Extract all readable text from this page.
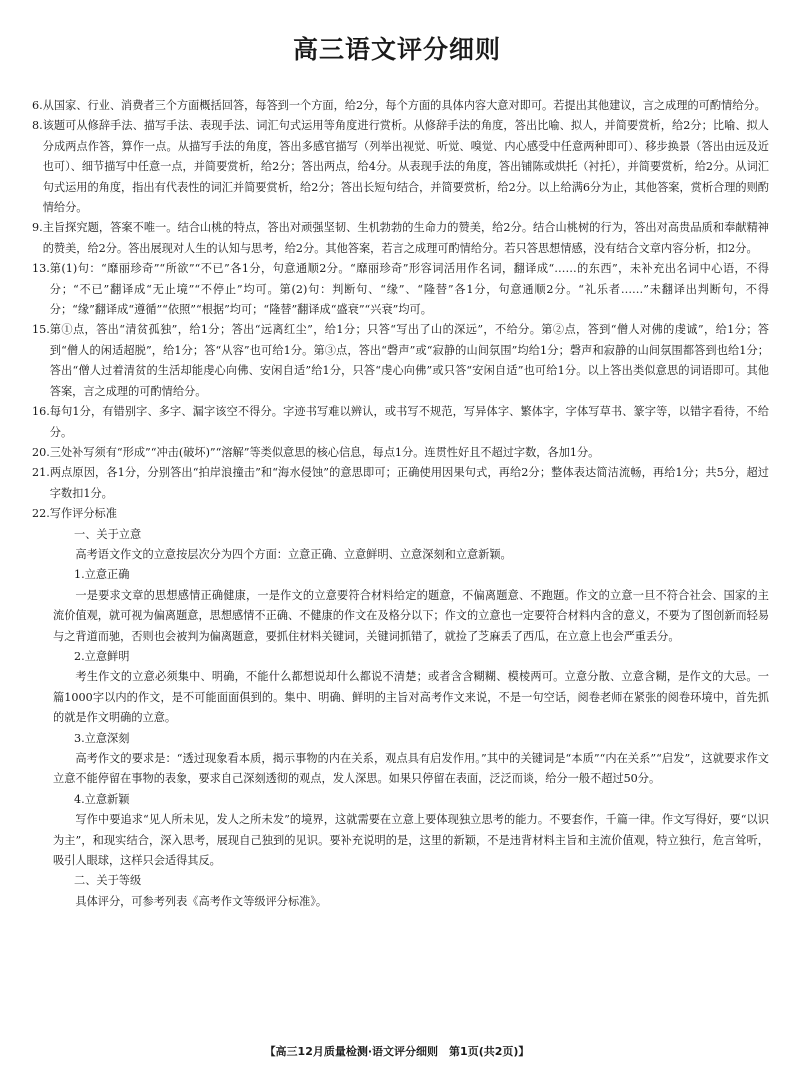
高三语文评分细则
6. 从国家、行业、消费者三个方面概括回答，每答到一个方面，给2分，每个方面的具体内容大意对即可。若提出其他建议，言之成理的可酌情给分。
8. 该题可从修辞手法、描写手法、表现手法、词汇句式运用等角度进行赏析。从修辞手法的角度，答出比喻、拟人，并简要赏析，给2分；比喻、拟人分成两点作答，算作一点。从描写手法的角度，答出多感官描写（列举出视觉、听觉、嗅觉、内心感受中任意两种即可）、移步换景（答出由远及近也可）、细节描写中任意一点，并简要赏析，给2分；答出两点，给4分。从表现手法的角度，答出铺陈或烘托（衬托），并简要赏析，给2分。从词汇句式运用的角度，指出有代表性的词汇并简要赏析，给2分；答出长短句结合，并简要赏析，给2分。以上给满6分为止，其他答案，赏析合理的则酌情给分。
9. 主旨探究题，答案不唯一。结合山桃的特点，答出对顽强坚韧、生机勃勃的生命力的赞美，给2分。结合山桃树的行为，答出对高贵品质和奉献精神的赞美，给2分。答出展现对人生的认知与思考，给2分。其他答案，若言之成理可酌情给分。若只答思想情感，没有结合文章内容分析，扣2分。
13. 第(1)句：“靡丽珍奇”“所欲”“不已”各1分，句意通顺2分。“靡丽珍奇”形容词活用作名词，翻译成“……的东西”，未补充出名词中心语，不得分；“不已”翻译成“无止境”“不停止”均可。第(2)句：判断句、“缘”、“隆替”各1分，句意通顺2分。“礼乐者……”未翻译出判断句，不得分；“缘”翻译成“遵循”“依照”“根据”均可；“隆替”翻译成“盛衰”“兴衰”均可。
15. 第①点，答出“清贫孤独”，给1分；答出“远离红尘”，给1分；只答“写出了山的深远”，不给分。第②点，答到“僧人对佛的虔诚”，给1分；答到“僧人的闲适超脱”，给1分；答“从容”也可给1分。第③点，答出“磬声”或“寂静的山间氛围”均给1分；磬声和寂静的山间氛围都答到也给1分；答出“僧人过着清贫的生活却能虔心向佛、安闲自适”给1分，只答“虔心向佛”或只答“安闲自适”也可给1分。以上答出类似意思的词语即可。其他答案，言之成理的可酌情给分。
16. 每句1分，有错别字、多字、漏字该空不得分。字迹书写难以辨认，或书写不规范，写异体字、繁体字，字体写草书、篆字等，以错字看待，不给分。
20. 三处补写须有“形成”“冲击(破坏)”“溶解”等类似意思的核心信息，每点1分。连贯性好且不超过字数，各加1分。
21. 两点原因，各1分，分别答出“拍岸浪撞击”和“海水侵蚀”的意思即可；正确使用因果句式，再给2分；整体表达简洁流畅，再给1分；共5分，超过字数扣1分。
22. 写作评分标准

一、关于立意

高考语文作文的立意按层次分为四个方面：立意正确、立意鲜明、立意深刻和立意新颖。

1.立意正确

一是要求文章的思想感情正确健康，一是作文的立意要符合材料给定的题意，不偏离题意、不跑题。作文的立意一旦不符合社会、国家的主流价值观，就可视为偏离题意，思想感情不正确、不健康的作文在及格分以下；作文的立意也一定要符合材料内含的意义，不要为了图创新而轻易与之背道而驰，否则也会被判为偏离题意，要抓住材料关键词，关键词抓错了，就捡了芝麻丢了西瓜，在立意上也会严重丢分。

2.立意鲜明

考生作文的立意必须集中、明确，不能什么都想说却什么都说不清楚；或者含含糊糊、模棱两可。立意分散、立意含糊，是作文的大忌。一篇1000字以内的作文，是不可能面面俱到的。集中、明确、鲜明的主旨对高考作文来说，不是一句空话，阅卷老师在紧张的阅卷环境中，首先抓的就是作文明确的立意。

3.立意深刻

高考作文的要求是：“透过现象看本质，揭示事物的内在关系，观点具有启发作用。”其中的关键词是“本质”“内在关系”“启发”，这就要求作文立意不能停留在事物的表象，要求自己深刻透彻的观点，发人深思。如果只停留在表面，泛泛而谈，给分一般不超过50分。

4.立意新颖

写作中要追求“见人所未见，发人之所未发”的境界，这就需要在立意上要体现独立思考的能力。不要套作，千篇一律。作文写得好，要“以识为主”，和现实结合，深入思考，展现自己独到的见识。要补充说明的是，这里的新颖，不是违背材料主旨和主流价值观，特立独行，危言耸听，吸引人眼球，这样只会适得其反。

二、关于等级

具体评分，可参考列表《高考作文等级评分标准》。

【高三12月质量检测·语文评分细则　第1页(共2页)】
